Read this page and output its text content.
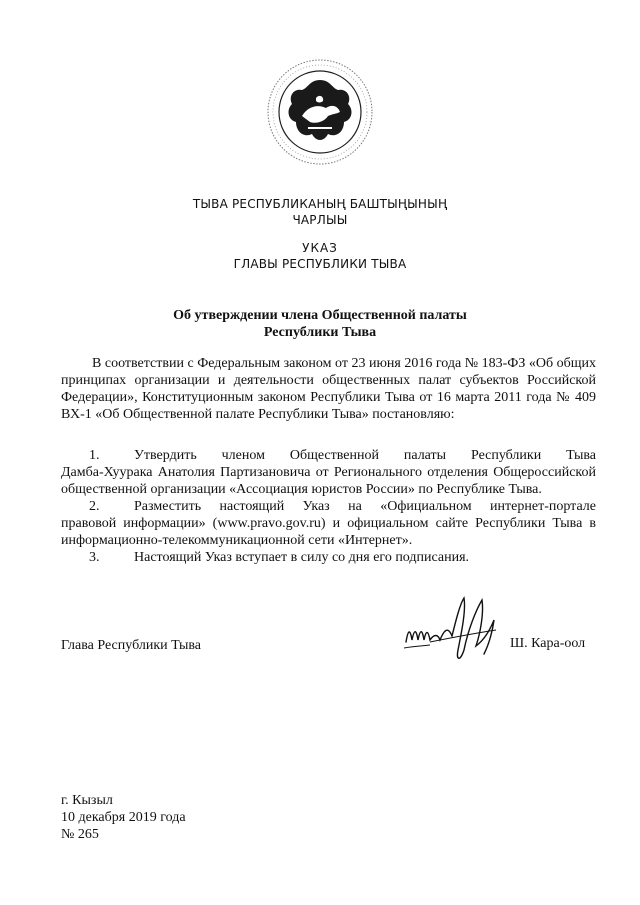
ТЫВА РЕСПУБЛИКАНЫҢ БАШТЫҢЫНЫҢ
ЧАРЛЫЫ
УКАЗ
ГЛАВЫ РЕСПУБЛИКИ ТЫВА
Об утверждении члена Общественной палаты
Республики Тыва

В соответствии с Федеральным законом от 23 июня 2016 года № 183-ФЗ «Об общих принципах организации и деятельности общественных палат субъектов Российской Федерации», Конституционным законом Республики Тыва от 16 марта 2011 года № 409 ВХ-1 «Об Общественной палате Республики Тыва» постановляю:

1.	Утвердить членом Общественной палаты Республики Тыва

Дамба-Хуурака Анатолия Партизановича от Регионального отделения Общероссийской общественной организации «Ассоциация юристов России» по Республике Тыва.

2.	Разместить настоящий Указ на «Официальном интернет-портале

правовой информации» (www.pravo.gov.ru) и официальном сайте Республики Тыва в информационно-телекоммуникационной сети «Интернет».

3.	Настоящий Указ вступает в силу со дня его подписания.
Глава Республики Тыва	Ш. Кара-оол
г. Кызыл
10 декабря 2019 года
№ 265
